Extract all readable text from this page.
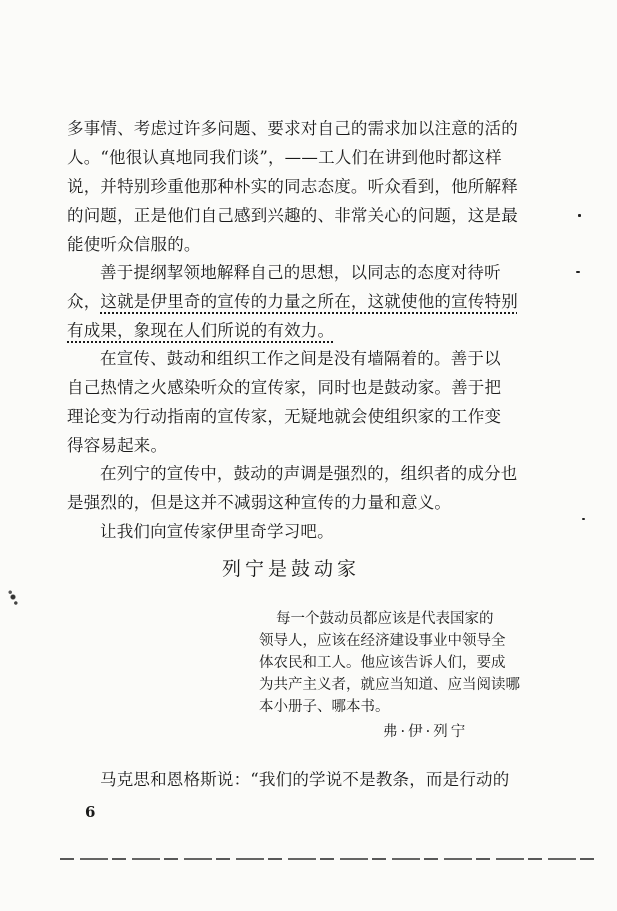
多事情、考虑过许多问题、要求对自己的需求加以注意的活的
人。“他很认真地同我们谈”，——工人们在讲到他时都这样
说，并特别珍重他那种朴实的同志态度。听众看到，他所解释
的问题，正是他们自己感到兴趣的、非常关心的问题，这是最
能使听众信服的。
善于提纲挈领地解释自己的思想，以同志的态度对待听
众，这就是伊里奇的宣传的力量之所在，这就使他的宣传特别
有成果，象现在人们所说的有效力。
在宣传、鼓动和组织工作之间是没有墙隔着的。善于以
自己热情之火感染听众的宣传家，同时也是鼓动家。善于把
理论变为行动指南的宣传家，无疑地就会使组织家的工作变
得容易起来。
在列宁的宣传中，鼓动的声调是强烈的，组织者的成分也
是强烈的，但是这并不减弱这种宣传的力量和意义。
让我们向宣传家伊里奇学习吧。
列宁是鼓动家
每一个鼓动员都应该是代表国家的
领导人，应该在经济建设事业中领导全
体农民和工人。他应该告诉人们，要成
为共产主义者，就应当知道、应当阅读哪
本小册子、哪本书。
弗·伊·列宁
马克思和恩格斯说：“我们的学说不是教条，而是行动的
6
